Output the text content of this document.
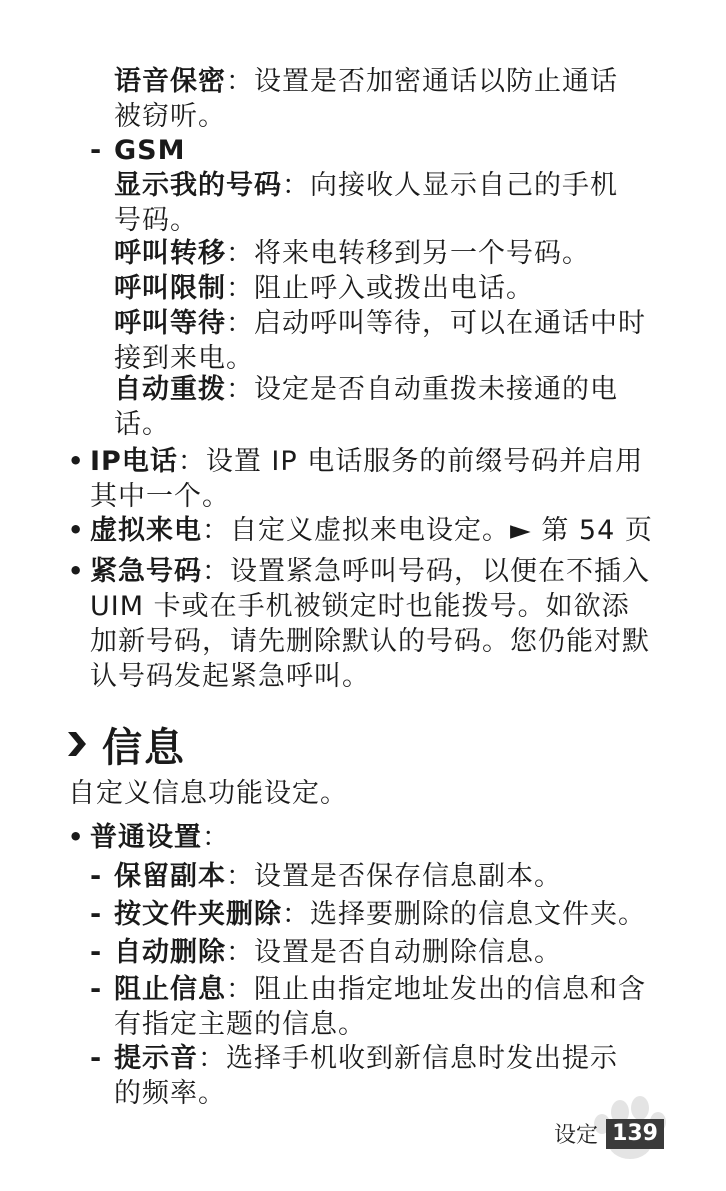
语音保密：设置是否加密通话以防止通话
被窃听。
- GSM
显示我的号码：向接收人显示自己的手机
号码。
呼叫转移：将来电转移到另一个号码。
呼叫限制：阻止呼入或拨出电话。
呼叫等待：启动呼叫等待，可以在通话中时
接到来电。
自动重拨：设定是否自动重拨未接通的电
话。
• IP电话：设置 IP 电话服务的前缀号码并启用
其中一个。
• 虚拟来电：自定义虚拟来电设定。► 第 54 页
• 紧急号码：设置紧急呼叫号码，以便在不插入
UIM 卡或在手机被锁定时也能拨号。如欲添
加新号码，请先删除默认的号码。您仍能对默
认号码发起紧急呼叫。
信息
自定义信息功能设定。
• 普通设置：
- 保留副本：设置是否保存信息副本。
- 按文件夹删除：选择要删除的信息文件夹。
- 自动删除：设置是否自动删除信息。
- 阻止信息：阻止由指定地址发出的信息和含
有指定主题的信息。
- 提示音：选择手机收到新信息时发出提示
的频率。
设定 139
